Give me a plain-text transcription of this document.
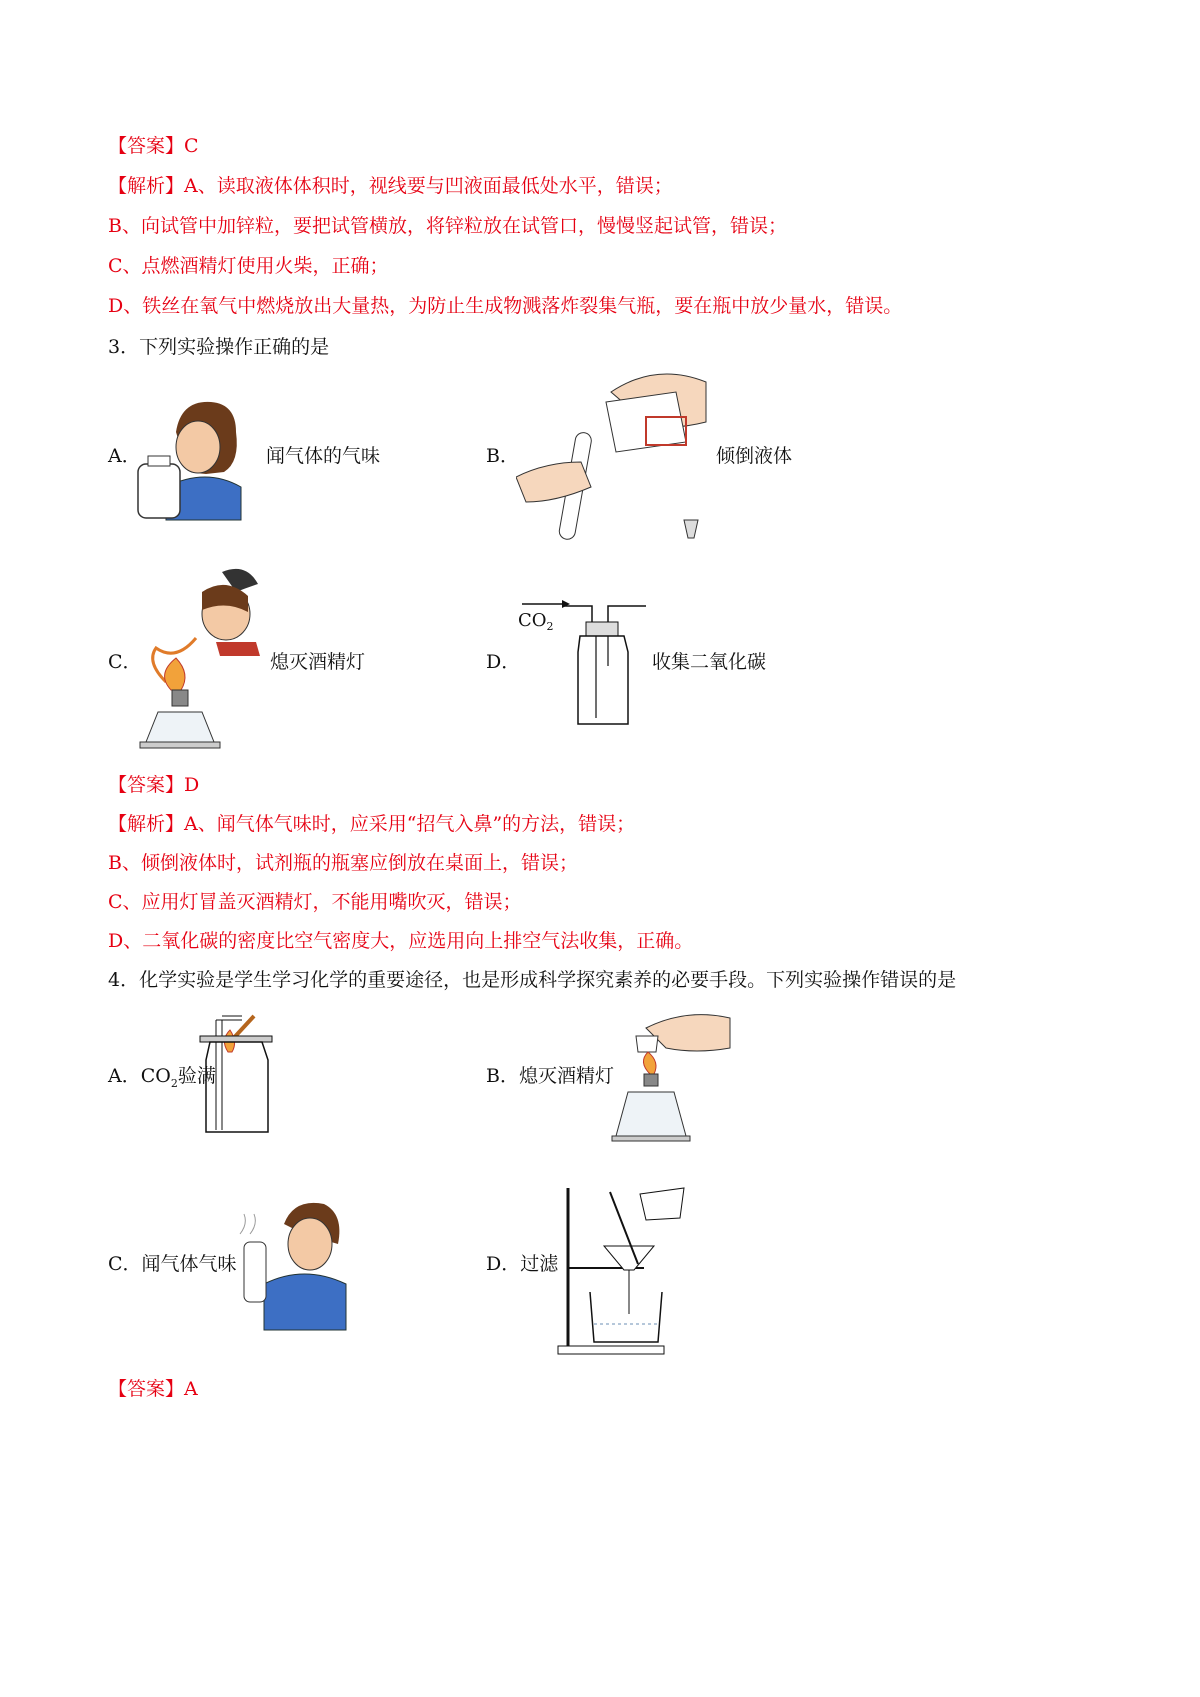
【答案】C
【解析】A、读取液体体积时，视线要与凹液面最低处水平，错误；
B、向试管中加锌粒，要把试管横放，将锌粒放在试管口，慢慢竖起试管，错误；
C、点燃酒精灯使用火柴，正确；
D、铁丝在氧气中燃烧放出大量热，为防止生成物溅落炸裂集气瓶，要在瓶中放少量水，错误。
3．下列实验操作正确的是
A．	闻气体的气味	B．	倾倒液体
C．	熄灭酒精灯	D．
$CO_2$
收集二氧化碳
【答案】D
【解析】A、闻气体气味时，应采用“招气入鼻”的方法，错误；
B、倾倒液体时，试剂瓶的瓶塞应倒放在桌面上，错误；
C、应用灯冒盖灭酒精灯，不能用嘴吹灭，错误；
D、二氧化碳的密度比空气密度大，应选用向上排空气法收集，正确。
4．化学实验是学生学习化学的重要途径，也是形成科学探究素养的必要手段。下列实验操作错误的是
A．$CO_2$验满	B．熄灭酒精灯
C．闻气体气味	D．过滤
【答案】A
